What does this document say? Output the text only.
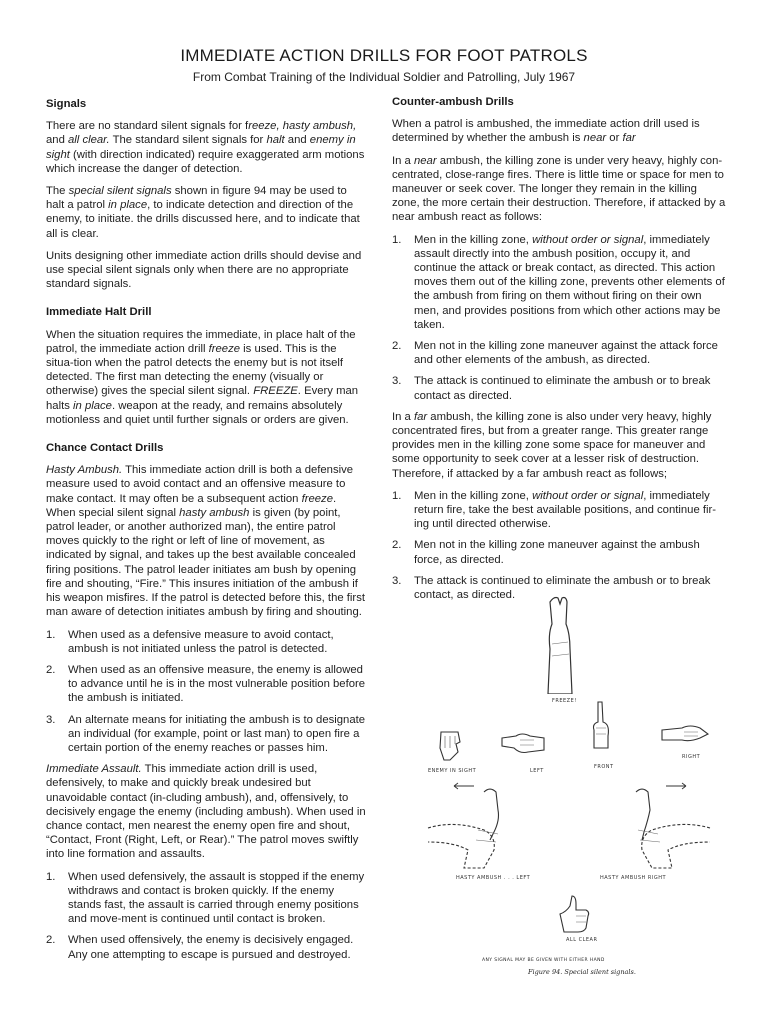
IMMEDIATE ACTION DRILLS FOR FOOT PATROLS
From Combat Training of the Individual Soldier and Patrolling, July 1967
Signals

There are no standard silent signals for freeze, hasty ambush, and all clear. The standard silent signals for halt and enemy in sight (with direction indicated) require exaggerated arm motions which increase the danger of detection.

The special silent signals shown in figure 94 may be used to halt a patrol in place, to indicate detection and direction of the enemy, to initiate. the drills discussed here, and to indicate that all is clear.

Units designing other immediate action drills should devise and use special silent signals only when there are no appropriate standard signals.

Immediate Halt Drill

When the situation requires the immediate, in place halt of the patrol, the immediate action drill freeze is used. This is the situa-tion when the patrol detects the enemy but is not itself detected. The first man detecting the enemy (visually or otherwise) gives the special silent signal. FREEZE. Every man halts in place. weapon at the ready, and remains absolutely motionless and quiet until further signals or orders are given.

Chance Contact Drills

Hasty Ambush. This immediate action drill is both a defensive measure used to avoid contact and an offensive measure to make contact. It may often be a subsequent action freeze. When special silent signal hasty ambush is given (by point, patrol leader, or another authorized man), the entire patrol moves quickly to the right or left of line of movement, as indicated by signal, and takes up the best available concealed firing positions. The patrol leader initiates am bush by opening fire and shouting, “Fire.” This insures initiation of the ambush if his weapon misfires. If the patrol is detected before this, the first man aware of detection initiates ambush by firing and shouting.

1.	When used as a defensive measure to avoid contact, ambush is not initiated unless the patrol is detected.
2.	When used as an offensive measure, the enemy is allowed to advance until he is in the most vulnerable position before the ambush is initiated.
3.	An alternate means for initiating the ambush is to designate an individual (for example, point or last man) to open fire a certain portion of the enemy reaches or passes him.

Immediate Assault. This immediate action drill is used, defensively, to make and quickly break undesired but unavoidable contact (in-cluding ambush), and, offensively, to decisively engage the enemy (including ambush). When used in chance contact, men nearest the enemy open fire and shout, “Contact, Front (Right, Left, or Rear).” The patrol moves swiftly into line formation and assaults.

1.	When used defensively, the assault is stopped if the enemy withdraws and contact is broken quickly. If the enemy stands fast, the assault is carried through enemy positions and move-ment is continued until contact is broken.
2.	When used offensively, the enemy is decisively engaged. Any one attempting to escape is pursued and destroyed.
Counter-ambush Drills

When a patrol is ambushed, the immediate action drill used is determined by whether the ambush is near or far

In a near ambush, the killing zone is under very heavy, highly con-centrated, close-range fires. There is little time or space for men to maneuver or seek cover. The longer they remain in the killing zone, the more certain their destruction. Therefore, if attacked by a near ambush react as follows:

1.	Men in the killing zone, without order or signal, immediately assault directly into the ambush position, occupy it, and continue the attack or break contact, as directed. This action moves them out of the killing zone, prevents other elements of the ambush from firing on them without firing on their own men, and provides positions from which other actions may be taken.
2.	Men not in the killing zone maneuver against the attack force and other elements of the ambush, as directed.
3.	The attack is continued to eliminate the ambush or to break contact as directed.

In a far ambush, the killing zone is also under very heavy, highly concentrated fires, but from a greater range. This greater range provides men in the killing zone some space for maneuver and some opportunity to seek cover at a lesser risk of destruction. Therefore, if attacked by a far ambush react as follows;

1.	Men in the killing zone, without order or signal, immediately return fire, take the best available positions, and continue fir-ing until directed otherwise.
2.	Men not in the killing zone maneuver against the ambush force, as directed.
3.	The attack is continued to eliminate the ambush or to break contact, as directed.
FREEZE!
ENEMY IN SIGHT	LEFT
FRONT
RIGHT
HASTY AMBUSH . . . LEFT	HASTY AMBUSH RIGHT
ALL CLEAR
ANY SIGNAL MAY BE GIVEN WITH EITHER HAND
Figure 94. Special silent signals.
